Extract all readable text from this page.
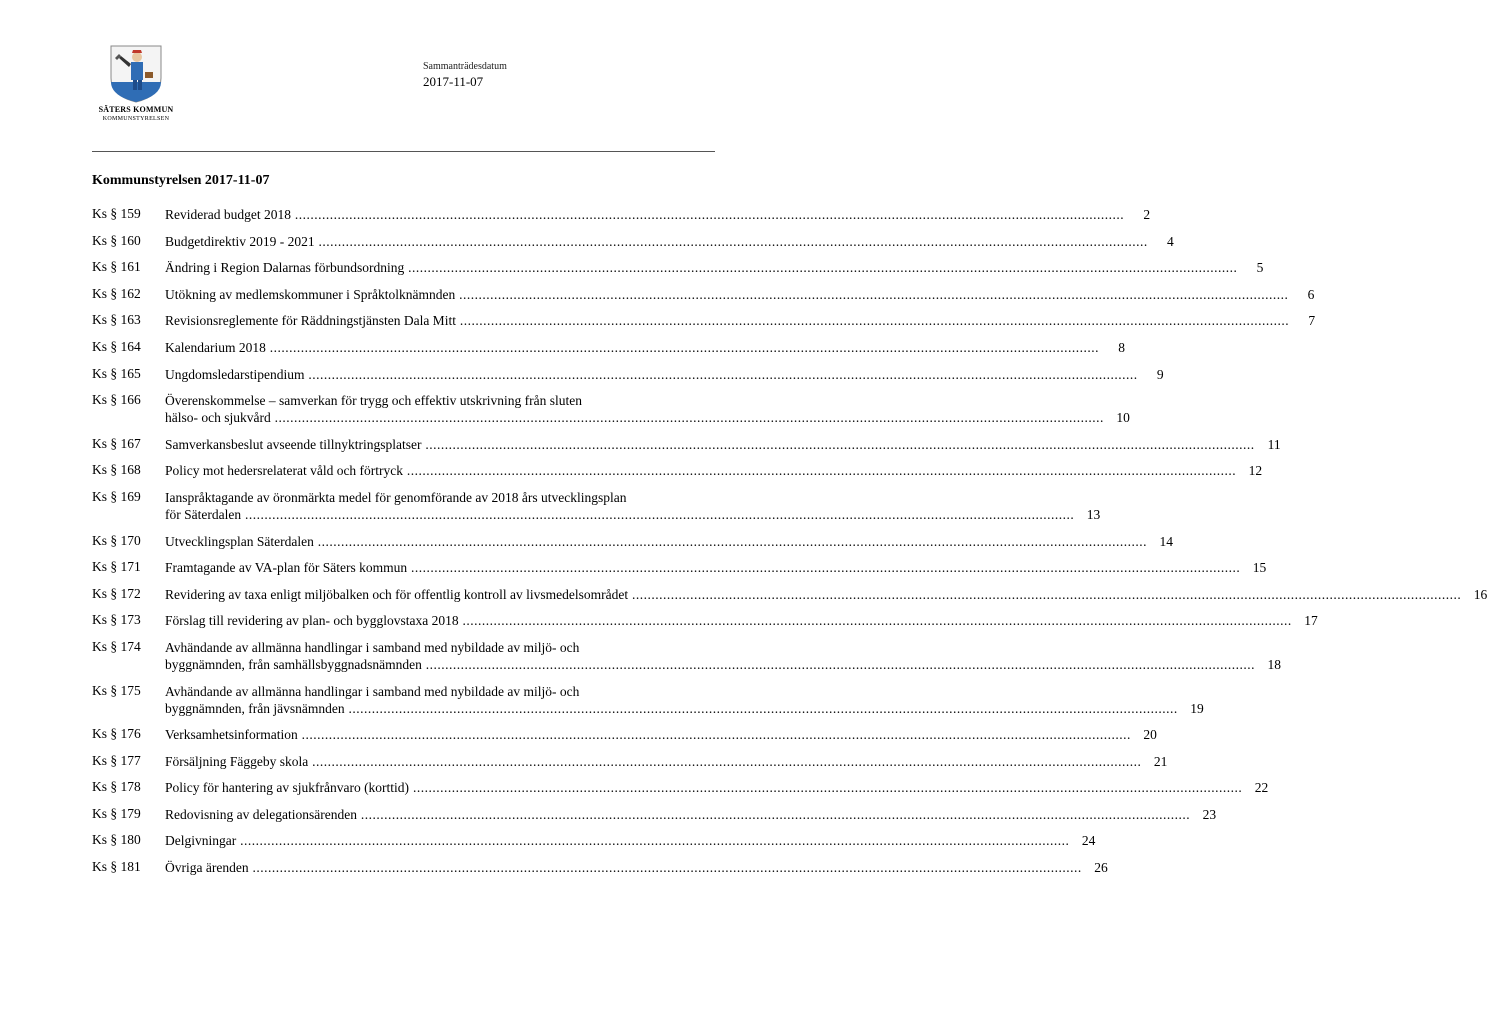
SÄTERS KOMMUN
KOMMUNSTYRELSEN
Sammanträdesdatum
2017-11-07
Kommunstyrelsen 2017-11-07
Ks § 159	Reviderad budget 2018 .....	2
Ks § 160	Budgetdirektiv 2019 - 2021 .....	4
Ks § 161	Ändring i Region Dalarnas förbundsordning .....	5
Ks § 162	Utökning av medlemskommuner i Språktolknämnden .....	6
Ks § 163	Revisionsreglemente för Räddningstjänsten Dala Mitt .....	7
Ks § 164	Kalendarium 2018 .....	8
Ks § 165	Ungdomsledarstipendium .....	9
Ks § 166	Överenskommelse – samverkan för trygg och effektiv utskrivning från sluten
hälso- och sjukvård .....	10
Ks § 167	Samverkansbeslut avseende tillnyktringsplatser .....	11
Ks § 168	Policy mot hedersrelaterat våld och förtryck .....	12
Ks § 169	Ianspråktagande av öronmärkta medel för genomförande av 2018 års utvecklingsplan
för Säterdalen .....	13
Ks § 170	Utvecklingsplan Säterdalen .....	14
Ks § 171	Framtagande av VA-plan för Säters kommun .....	15
Ks § 172	Revidering av taxa enligt miljöbalken och för offentlig kontroll av livsmedelsområdet .....	16
Ks § 173	Förslag till revidering av plan- och bygglovstaxa 2018 .....	17
Ks § 174	Avhändande av allmänna handlingar i samband med nybildade av miljö- och
byggnämnden, från samhällsbyggnadsnämnden .....	18
Ks § 175	Avhändande av allmänna handlingar i samband med nybildade av miljö- och
byggnämnden, från jävsnämnden .....	19
Ks § 176	Verksamhetsinformation .....	20
Ks § 177	Försäljning Fäggeby skola .....	21
Ks § 178	Policy för hantering av sjukfrånvaro (korttid) .....	22
Ks § 179	Redovisning av delegationsärenden .....	23
Ks § 180	Delgivningar .....	24
Ks § 181	Övriga ärenden .....	26
